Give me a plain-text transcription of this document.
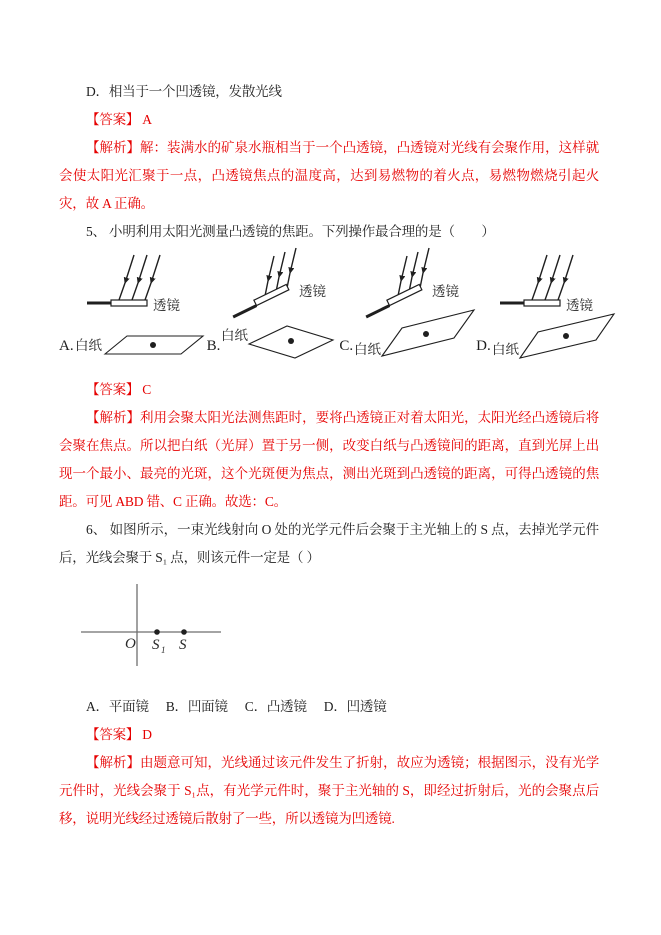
D．相当于一个凹透镜，发散光线

【答案】 A

【解析】解：装满水的矿泉水瓶相当于一个凸透镜，凸透镜对光线有会聚作用，这样就会使太阳光汇聚于一点，凸透镜焦点的温度高，达到易燃物的着火点，易燃物燃烧引起火灾，故 A 正确。

5、 小明利用太阳光测量凸透镜的焦距。下列操作最合理的是（　　）

A.
透镜
白纸	B.
透镜
白纸
C.
透镜
白纸	D.
透镜
白纸

【答案】 C

【解析】利用会聚太阳光法测焦距时，要将凸透镜正对着太阳光，太阳光经凸透镜后将会聚在焦点。所以把白纸（光屏）置于另一侧，改变白纸与凸透镜间的距离，直到光屏上出现一个最小、最亮的光斑，这个光斑便为焦点，测出光斑到凸透镜的距离，可得凸透镜的焦距。可见 ABD 错、C 正确。故选：C。

6、 如图所示，一束光线射向 O 处的光学元件后会聚于主光轴上的 S 点，去掉光学元件后，光线会聚于 S₁ 点，则该元件一定是（ ）

O S 1 S

A．平面镜 B．凹面镜 C．凸透镜 D．凹透镜

【答案】 D

【解析】由题意可知，光线通过该元件发生了折射，故应为透镜；根据图示，没有光学元件时，光线会聚于 S₁点，有光学元件时，聚于主光轴的 S，即经过折射后，光的会聚点后移，说明光线经过透镜后散射了一些，所以透镜为凹透镜.
